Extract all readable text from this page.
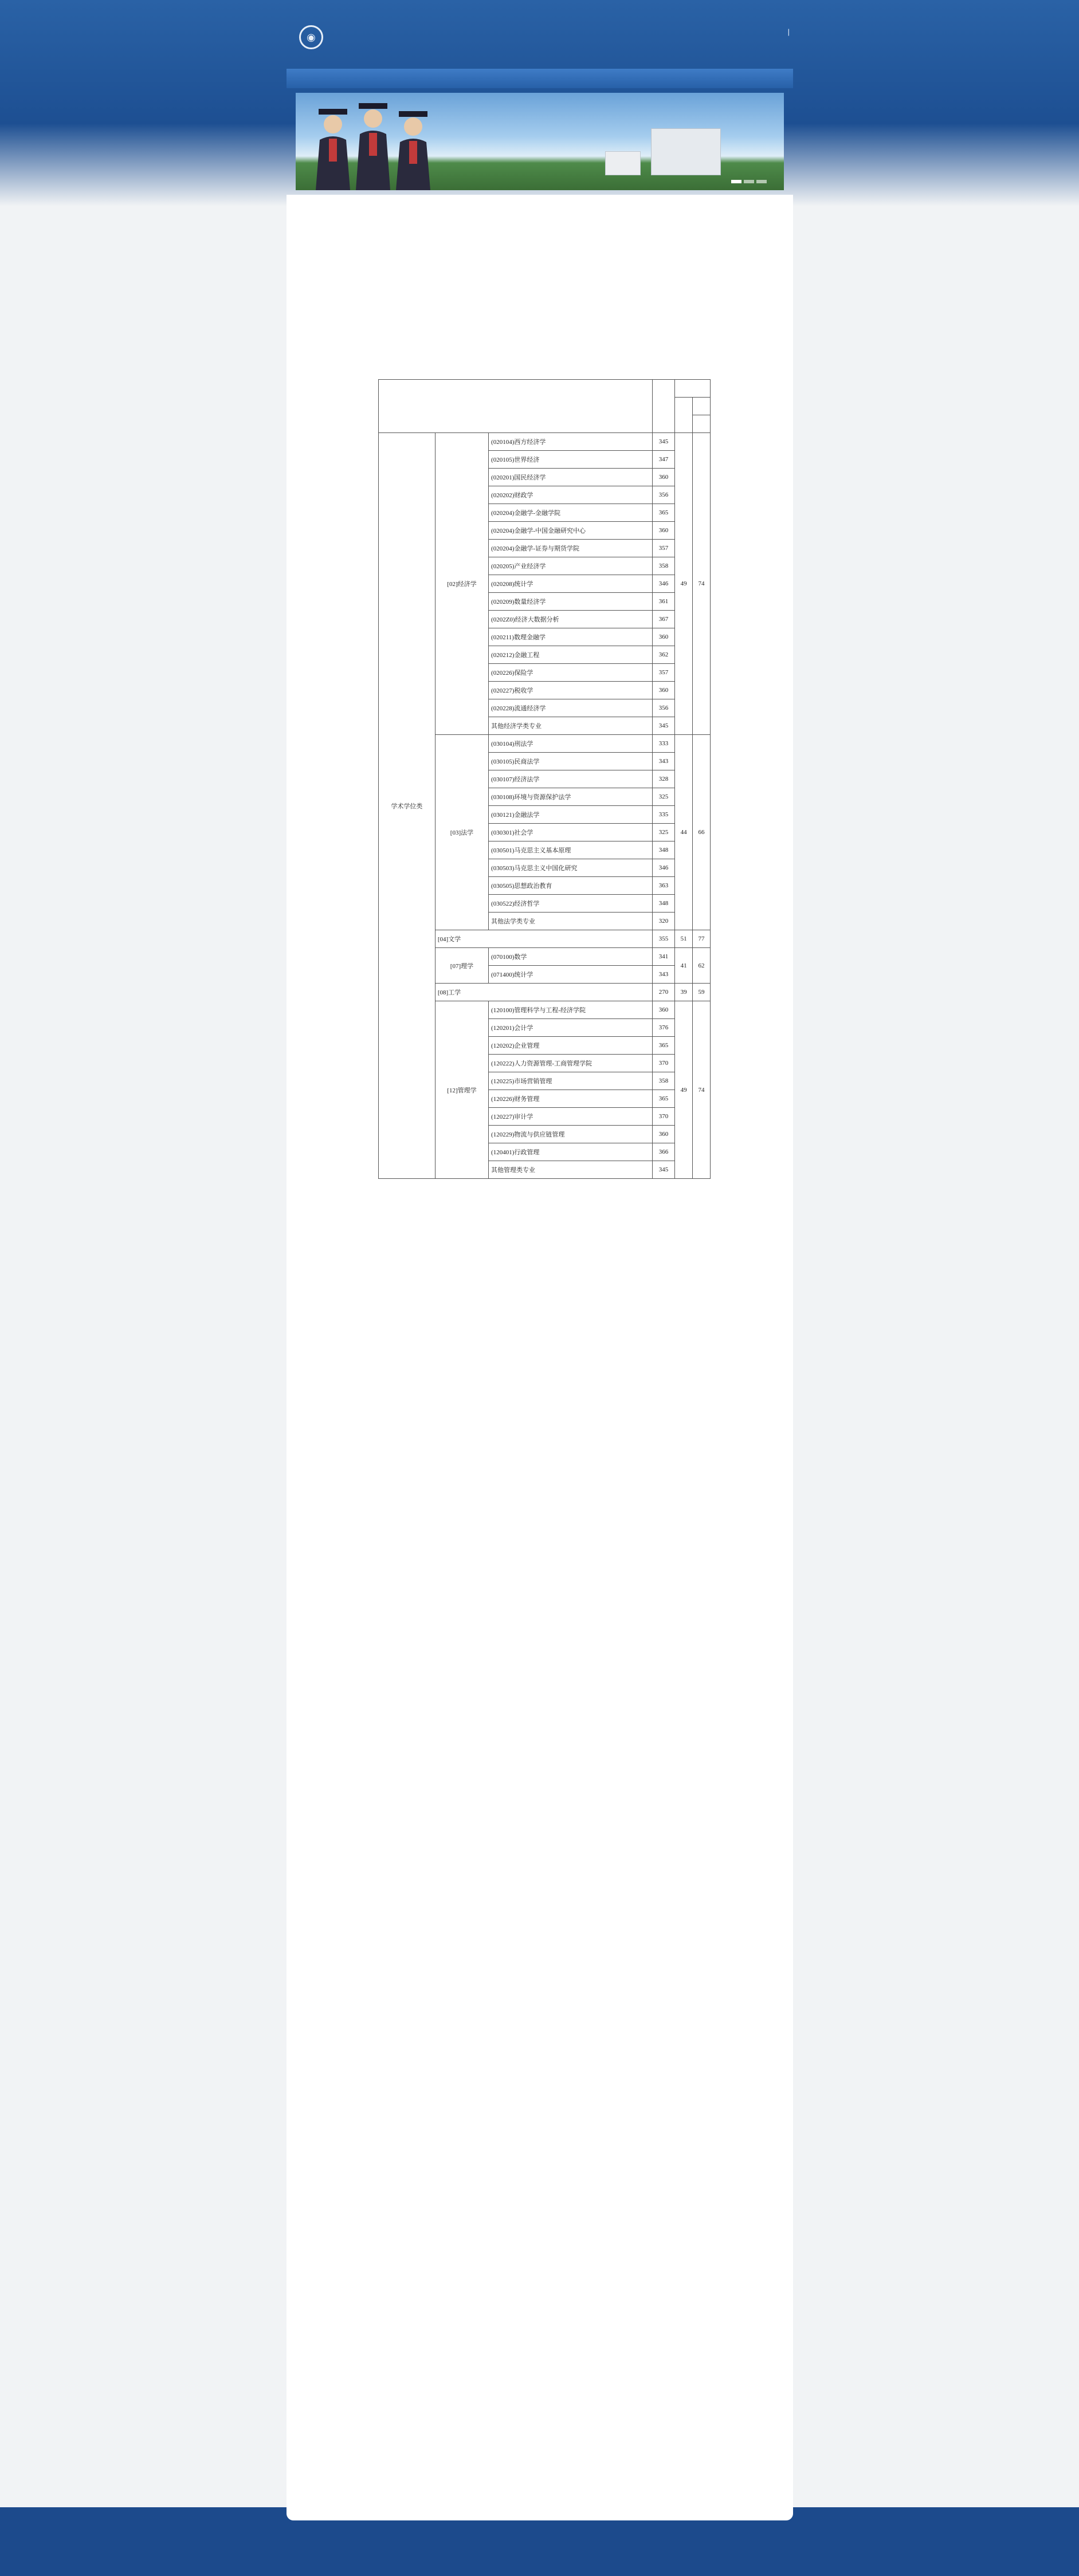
◉	|

学术学位类	[02]经济学	(020104)西方经济学	345	49	74
		(020105)世界经济	347		
		(020201)国民经济学	360		
		(020202)财政学	356		
		(020204)金融学-金融学院	365		
		(020204)金融学-中国金融研究中心	360		
		(020204)金融学-证券与期货学院	357		
		(020205)产业经济学	358		
		(020208)统计学	346		
		(020209)数量经济学	361		
		(0202Z0)经济大数据分析	367		
		(020211)数理金融学	360		
		(020212)金融工程	362		
		(020226)保险学	357		
		(020227)税收学	360		
		(020228)流通经济学	356		
		其他经济学类专业	345		
	[03]法学	(030104)刑法学	333	44	66
		(030105)民商法学	343		
		(030107)经济法学	328		
		(030108)环境与资源保护法学	325		
		(030121)金融法学	335		
		(030301)社会学	325		
		(030501)马克思主义基本原理	348		
		(030503)马克思主义中国化研究	346		
		(030505)思想政治教育	363		
		(030522)经济哲学	348		
		其他法学类专业	320		
	[04]文学		355	51	77
	[07]理学	(070100)数学	341	41	62
		(071400)统计学	343		
	[08]工学		270	39	59
	[12]管理学	(120100)管理科学与工程-经济学院	360	49	74
		(120201)会计学	376		
		(120202)企业管理	365		
		(120222)人力资源管理-工商管理学院	370		
		(120225)市场营销管理	358		
		(120226)财务管理	365		
		(120227)审计学	370		
		(120229)物流与供应链管理	360		
		(120401)行政管理	366		
		其他管理类专业	345		
